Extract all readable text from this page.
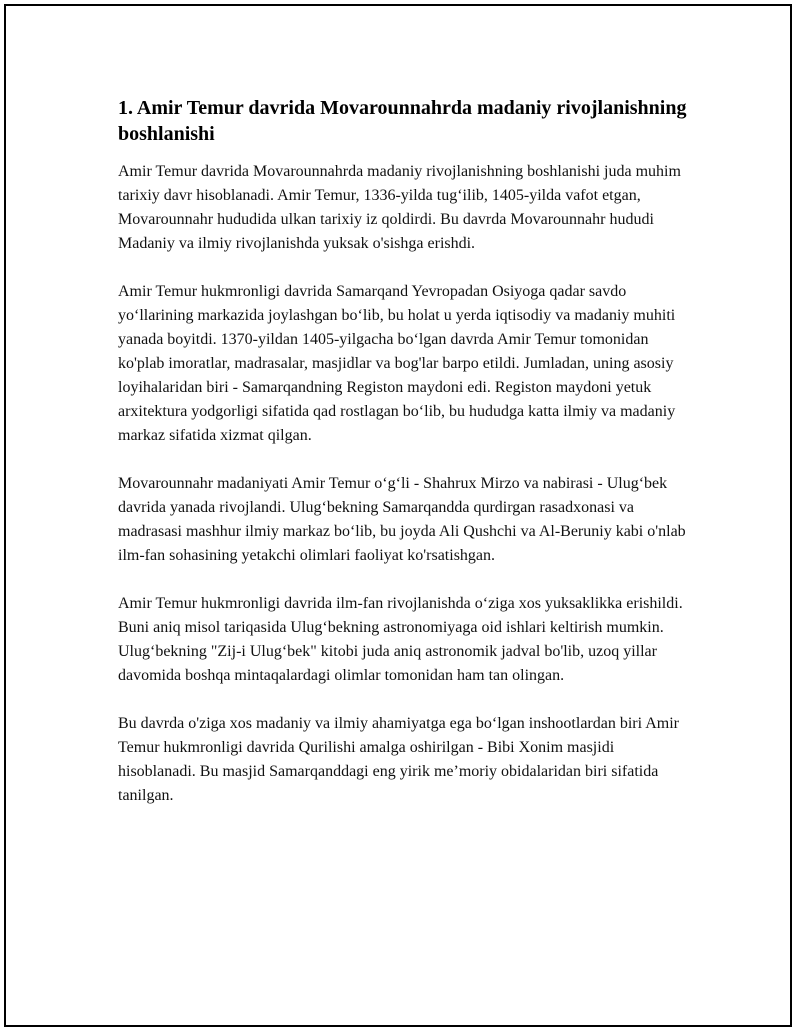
1. Amir Temur davrida Movarounnahrda madaniy rivojlanishning boshlanishi

Amir Temur davrida Movarounnahrda madaniy rivojlanishning boshlanishi juda muhim tarixiy davr hisoblanadi. Amir Temur, 1336-yilda tug‘ilib, 1405-yilda vafot etgan, Movarounnahr hududida ulkan tarixiy iz qoldirdi. Bu davrda Movarounnahr hududi Madaniy va ilmiy rivojlanishda yuksak o'sishga erishdi.

Amir Temur hukmronligi davrida Samarqand Yevropadan Osiyoga qadar savdo yo‘llarining markazida joylashgan bo‘lib, bu holat u yerda iqtisodiy va madaniy muhiti yanada boyitdi. 1370-yildan 1405-yilgacha bo‘lgan davrda Amir Temur tomonidan ko'plab imoratlar, madrasalar, masjidlar va bog'lar barpo etildi. Jumladan, uning asosiy loyihalaridan biri - Samarqandning Registon maydoni edi. Registon maydoni yetuk arxitektura yodgorligi sifatida qad rostlagan bo‘lib, bu hududga katta ilmiy va madaniy markaz sifatida xizmat qilgan.

Movarounnahr madaniyati Amir Temur o‘g‘li - Shahrux Mirzo va nabirasi - Ulug‘bek davrida yanada rivojlandi. Ulug‘bekning Samarqandda qurdirgan rasadxonasi va madrasasi mashhur ilmiy markaz bo‘lib, bu joyda Ali Qushchi va Al-Beruniy kabi o'nlab ilm-fan sohasining yetakchi olimlari faoliyat ko'rsatishgan.

Amir Temur hukmronligi davrida ilm-fan rivojlanishda o‘ziga xos yuksaklikka erishildi. Buni aniq misol tariqasida Ulug‘bekning astronomiyaga oid ishlari keltirish mumkin. Ulug‘bekning "Zij-i Ulug‘bek" kitobi juda aniq astronomik jadval bo'lib, uzoq yillar davomida boshqa mintaqalardagi olimlar tomonidan ham tan olingan.

Bu davrda o'ziga xos madaniy va ilmiy ahamiyatga ega bo‘lgan inshootlardan biri Amir Temur hukmronligi davrida Qurilishi amalga oshirilgan - Bibi Xonim masjidi hisoblanadi. Bu masjid Samarqanddagi eng yirik me’moriy obidalaridan biri sifatida tanilgan.
